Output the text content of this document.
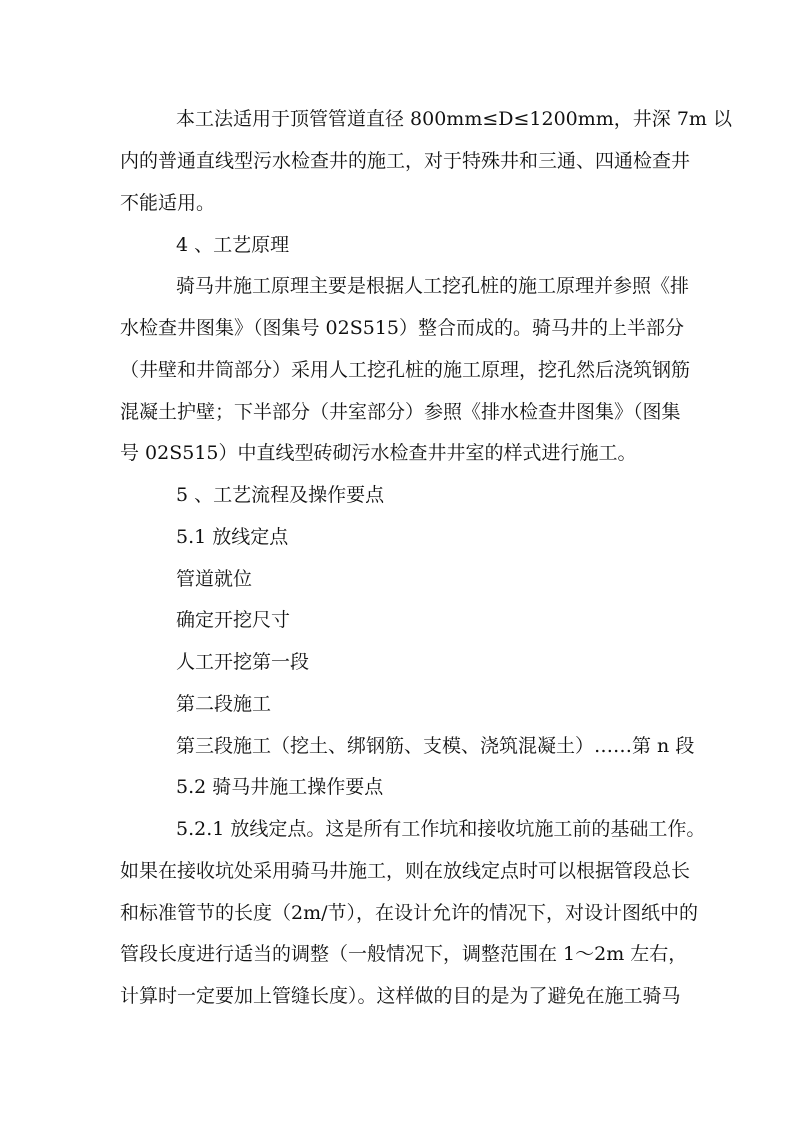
本工法适用于顶管管道直径 800mm≤D≤1200mm，井深 7m 以
内的普通直线型污水检查井的施工，对于特殊井和三通、四通检查井
不能适用。
4 、工艺原理
骑马井施工原理主要是根据人工挖孔桩的施工原理并参照《排
水检查井图集》（图集号 02S515）整合而成的。骑马井的上半部分
（井壁和井筒部分）采用人工挖孔桩的施工原理，挖孔然后浇筑钢筋
混凝土护壁；下半部分（井室部分）参照《排水检查井图集》（图集
号 02S515）中直线型砖砌污水检查井井室的样式进行施工。
5 、工艺流程及操作要点
5.1 放线定点
管道就位
确定开挖尺寸
人工开挖第一段
第二段施工
第三段施工（挖土、绑钢筋、支模、浇筑混凝土）……第 n 段
5.2 骑马井施工操作要点
5.2.1 放线定点。这是所有工作坑和接收坑施工前的基础工作。
如果在接收坑处采用骑马井施工，则在放线定点时可以根据管段总长
和标准管节的长度（2m/节），在设计允许的情况下，对设计图纸中的
管段长度进行适当的调整（一般情况下，调整范围在 1～2m 左右，
计算时一定要加上管缝长度）。这样做的目的是为了避免在施工骑马
